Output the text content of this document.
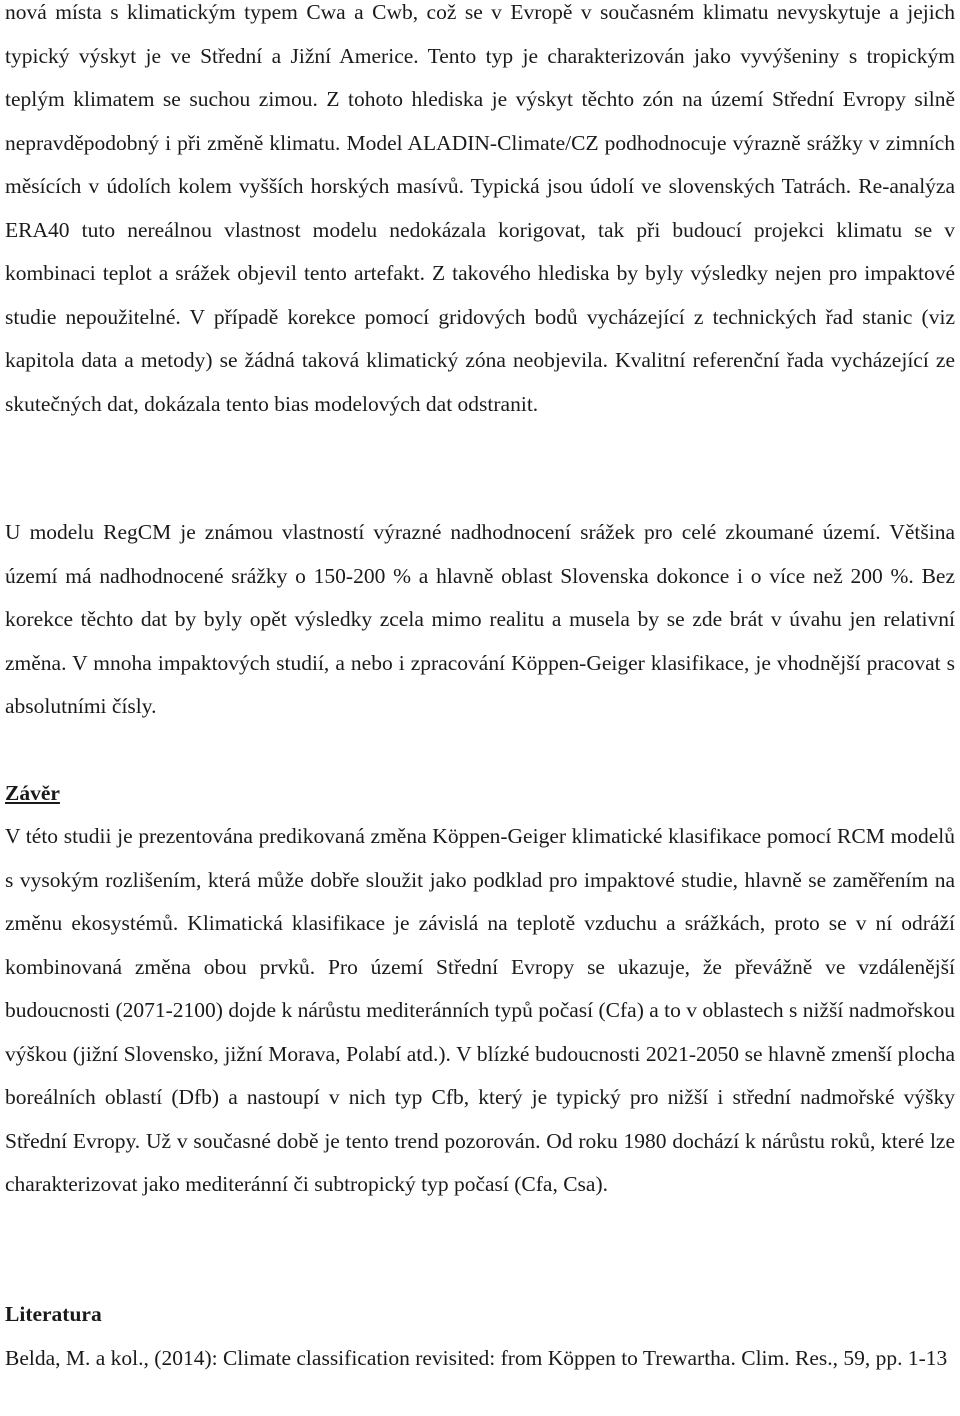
nová místa s klimatickým typem Cwa a Cwb, což se v Evropě v současném klimatu nevyskytuje a jejich typický výskyt je ve Střední a Jižní Americe. Tento typ je charakterizován jako vyvýšeniny s tropickým teplým klimatem se suchou zimou. Z tohoto hlediska je výskyt těchto zón na území Střední Evropy silně nepravděpodobný i při změně klimatu. Model ALADIN-Climate/CZ podhodnocuje výrazně srážky v zimních měsících v údolích kolem vyšších horských masívů. Typická jsou údolí ve slovenských Tatrách. Re-analýza ERA40 tuto nereálnou vlastnost modelu nedokázala korigovat, tak při budoucí projekci klimatu se v kombinaci teplot a srážek objevil tento artefakt. Z takového hlediska by byly výsledky nejen pro impaktové studie nepoužitelné. V případě korekce pomocí gridových bodů vycházející z technických řad stanic (viz kapitola data a metody) se žádná taková klimatický zóna neobjevila. Kvalitní referenční řada vycházející ze skutečných dat, dokázala tento bias modelových dat odstranit.

U modelu RegCM je známou vlastností výrazné nadhodnocení srážek pro celé zkoumané území. Většina území má nadhodnocené srážky o 150-200 % a hlavně oblast Slovenska dokonce i o více než 200 %. Bez korekce těchto dat by byly opět výsledky zcela mimo realitu a musela by se zde brát v úvahu jen relativní změna. V mnoha impaktových studií, a nebo i zpracování Köppen-Geiger klasifikace, je vhodnější pracovat s absolutními čísly.

Závěr

V této studii je prezentována predikovaná změna Köppen-Geiger klimatické klasifikace pomocí RCM modelů s vysokým rozlišením, která může dobře sloužit jako podklad pro impaktové studie, hlavně se zaměřením na změnu ekosystémů. Klimatická klasifikace je závislá na teplotě vzduchu a srážkách, proto se v ní odráží kombinovaná změna obou prvků. Pro území Střední Evropy se ukazuje, že převážně ve vzdálenější budoucnosti (2071-2100) dojde k nárůstu mediteránních typů počasí (Cfa) a to v oblastech s nižší nadmořskou výškou (jižní Slovensko, jižní Morava, Polabí atd.). V blízké budoucnosti 2021-2050 se hlavně zmenší plocha boreálních oblastí (Dfb) a nastoupí v nich typ Cfb, který je typický pro nižší i střední nadmořské výšky Střední Evropy. Už v současné době je tento trend pozorován. Od roku 1980 dochází k nárůstu roků, které lze charakterizovat jako mediteránní či subtropický typ počasí (Cfa, Csa).

Literatura

Belda, M. a kol., (2014): Climate classification revisited: from Köppen to Trewartha. Clim. Res., 59, pp. 1-13
